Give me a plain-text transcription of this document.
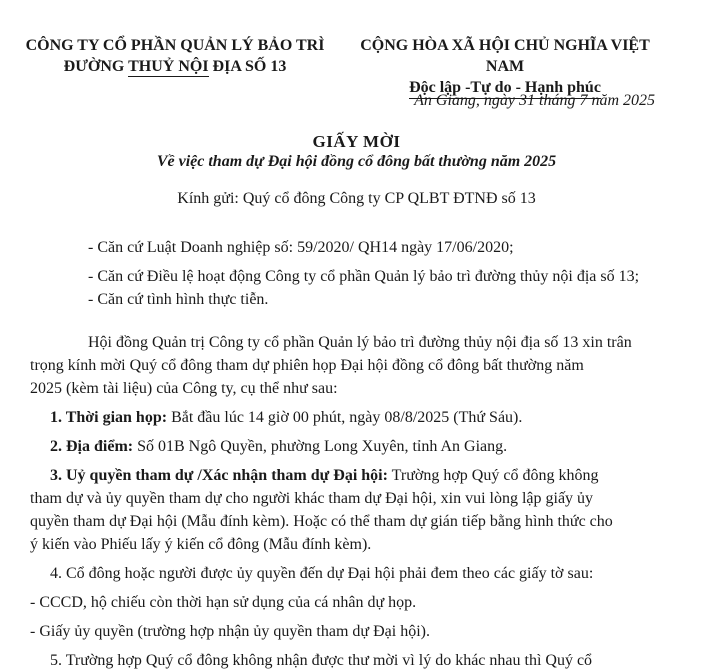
CÔNG TY CỔ PHẦN QUẢN LÝ BẢO TRÌ
ĐƯỜNG THUỶ NỘI ĐỊA SỐ 13
CỘNG HÒA XÃ HỘI CHỦ NGHĨA VIỆT NAM
Độc lập -Tự do - Hạnh phúc
An Giang, ngày 31 tháng 7 năm 2025
GIẤY MỜI
Về việc tham dự Đại hội đồng cổ đông bất thường năm 2025
Kính gửi: Quý cổ đông Công ty CP QLBT ĐTNĐ số 13
- Căn cứ Luật Doanh nghiệp số: 59/2020/ QH14 ngày 17/06/2020;
- Căn cứ Điều lệ hoạt động Công ty cổ phần Quản lý bảo trì đường thủy nội địa số 13;
- Căn cứ tình hình thực tiễn.
Hội đồng Quản trị Công ty cổ phần Quản lý bảo trì đường thủy nội địa số 13 xin trân
trọng kính mời Quý cổ đông tham dự phiên họp Đại hội đồng cổ đông bất thường năm
2025 (kèm tài liệu) của Công ty, cụ thể như sau:
1. Thời gian họp: Bắt đầu lúc 14 giờ 00 phút, ngày 08/8/2025 (Thứ Sáu).
2. Địa điểm: Số 01B Ngô Quyền, phường Long Xuyên, tỉnh An Giang.
3. Uỷ quyền tham dự /Xác nhận tham dự Đại hội: Trường hợp Quý cổ đông không
tham dự và ủy quyền tham dự cho người khác tham dự Đại hội, xin vui lòng lập giấy ủy
quyền tham dự Đại hội (Mẫu đính kèm). Hoặc có thể tham dự gián tiếp bằng hình thức cho
ý kiến vào Phiếu lấy ý kiến cổ đông (Mẫu đính kèm).
4. Cổ đông hoặc người được ủy quyền đến dự Đại hội phải đem theo các giấy tờ sau:
- CCCD, hộ chiếu còn thời hạn sử dụng của cá nhân dự họp.
- Giấy ủy quyền (trường hợp nhận ủy quyền tham dự Đại hội).
5. Trường hợp Quý cổ đông không nhận được thư mời vì lý do khác nhau thì Quý cổ
